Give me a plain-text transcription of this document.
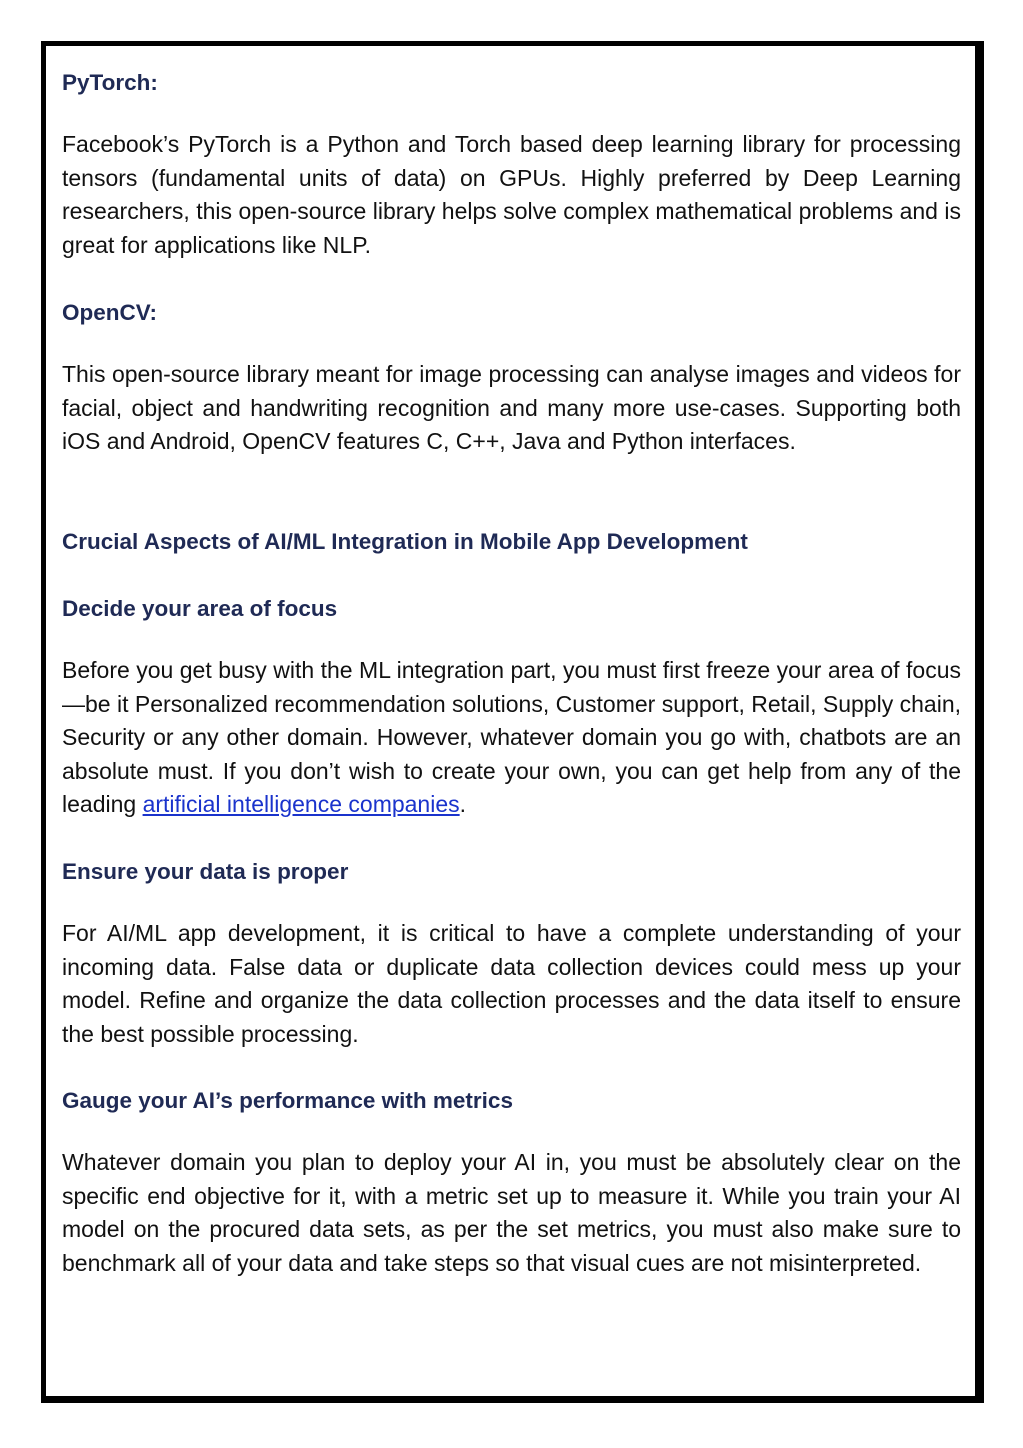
PyTorch:

Facebook’s PyTorch is a Python and Torch based deep learning library for processing tensors (fundamental units of data) on GPUs. Highly preferred by Deep Learning researchers, this open-source library helps solve complex mathematical problems and is great for applications like NLP.

OpenCV:

This open-source library meant for image processing can analyse images and videos for facial, object and handwriting recognition and many more use-cases. Supporting both iOS and Android, OpenCV features C, C++, Java and Python interfaces.

Crucial Aspects of AI/ML Integration in Mobile App Development
Decide your area of focus

Before you get busy with the ML integration part, you must first freeze your area of focus—be it Personalized recommendation solutions, Customer support, Retail, Supply chain, Security or any other domain. However, whatever domain you go with, chatbots are an absolute must. If you don’t wish to create your own, you can get help from any of the leading artificial intelligence companies.

Ensure your data is proper

For AI/ML app development, it is critical to have a complete understanding of your incoming data. False data or duplicate data collection devices could mess up your model. Refine and organize the data collection processes and the data itself to ensure the best possible processing.

Gauge your AI’s performance with metrics

Whatever domain you plan to deploy your AI in, you must be absolutely clear on the specific end objective for it, with a metric set up to measure it. While you train your AI model on the procured data sets, as per the set metrics, you must also make sure to benchmark all of your data and take steps so that visual cues are not misinterpreted.
